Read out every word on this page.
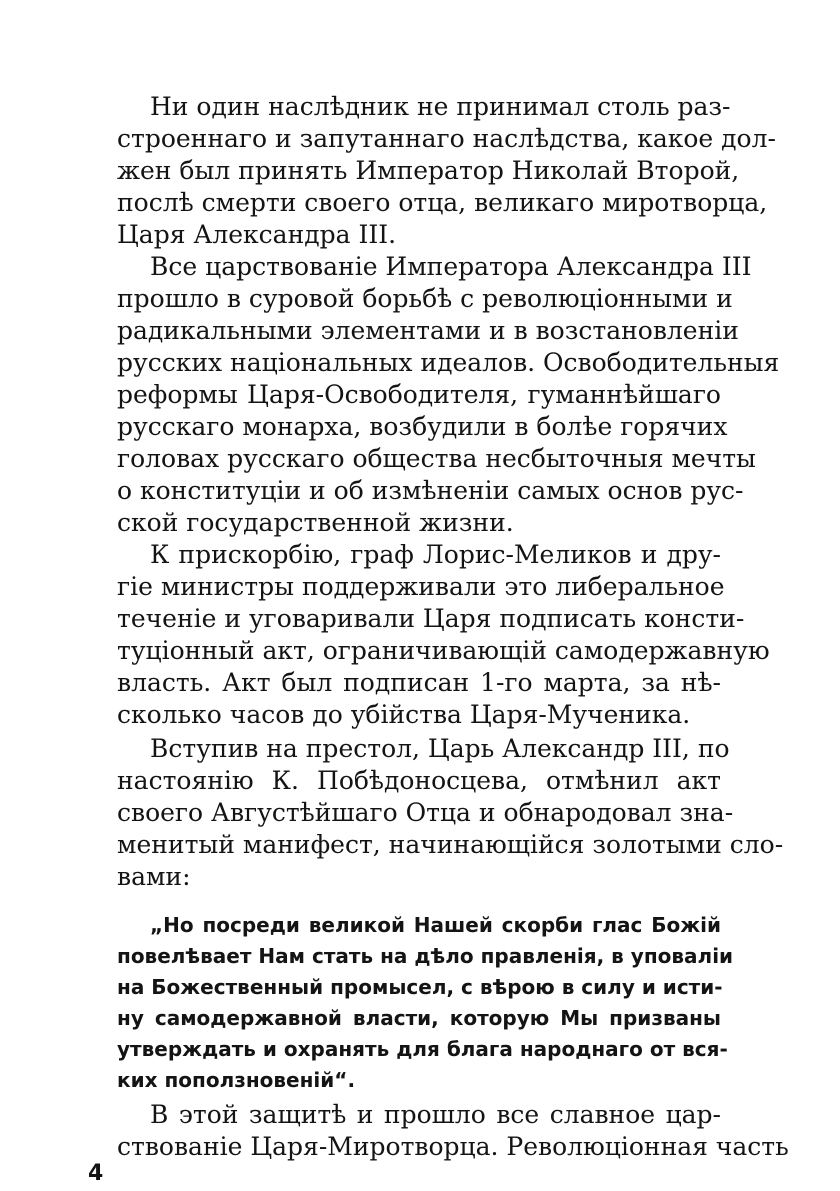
Ни один наслѣдник не принимал столь раз-
строеннаго и запутаннаго наслѣдства, какое дол-
жен был принять Император Николай Второй,
послѣ смерти своего отца, великаго миротворца,
Царя Александра III.
Все царствованіе Императора Александра III
прошло в суровой борьбѣ с революціонными и
радикальными элементами и в возстановленіи
русских національных идеалов. Освободительныя
реформы Царя-Освободителя, гуманнѣйшаго
русскаго монарха, возбудили в болѣе горячих
головах русскаго общества несбыточныя мечты
о конституціи и об измѣненіи самых основ рус-
ской государственной жизни.
К прискорбію, граф Лорис-Меликов и дру-
гіе министры поддерживали это либеральное
теченіе и уговаривали Царя подписать консти-
туціонный акт, ограничивающій самодержавную
власть. Акт был подписан 1-го марта, за нѣ-
сколько часов до убійства Царя-Мученика.
Вступив на престол, Царь Александр III, по
настоянію К. Побѣдоносцева, отмѣнил акт
своего Августѣйшаго Отца и обнародовал зна-
менитый манифест, начинающійся золотыми сло-
вами:
„Но посреди великой Нашей скорби глас Божій
повелѣвает Нам стать на дѣло правленія, в уповаліи
на Божественный промысел, с вѣрою в силу и исти-
ну самодержавной власти, которую Мы призваны
утверждать и охранять для блага народнаго от вся-
ких поползновеній“.
В этой защитѣ и прошло все славное цар-
ствованіе Царя-Миротворца. Революціонная часть
4
